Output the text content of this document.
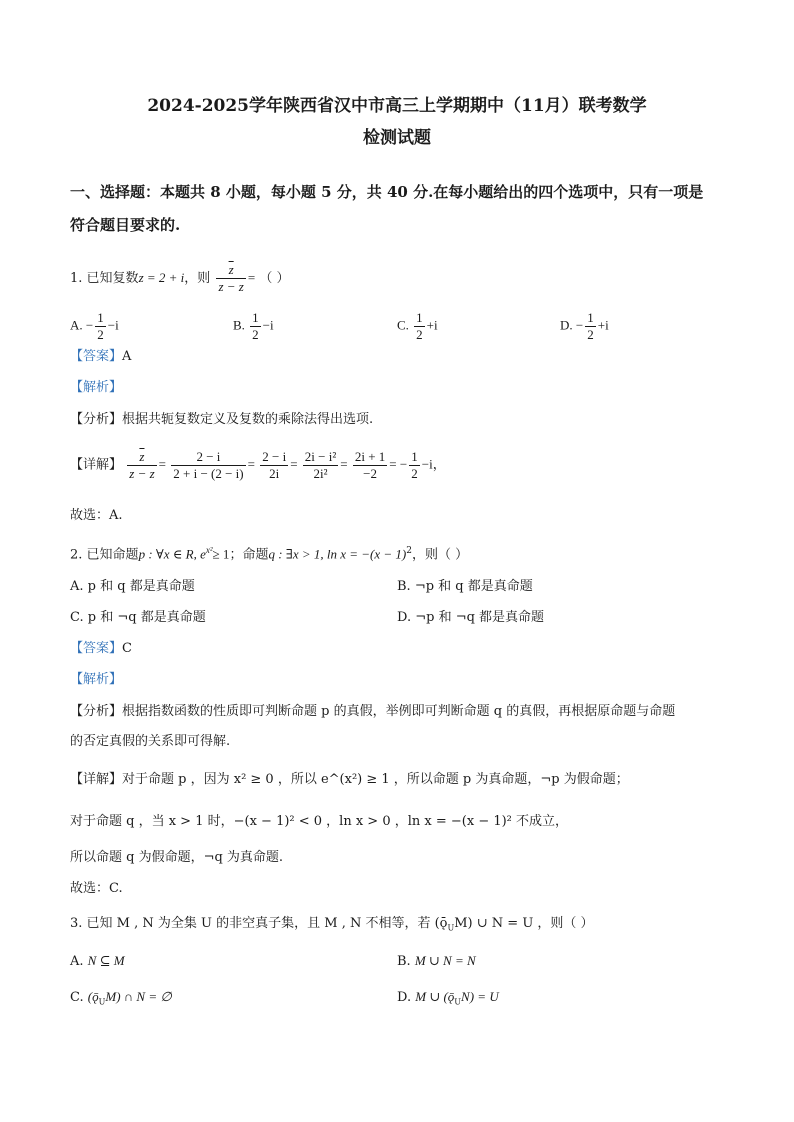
2024-2025学年陕西省汉中市高三上学期期中（11月）联考数学
检测试题
一、选择题：本题共 8 小题，每小题 5 分，共 40 分.在每小题给出的四个选项中，只有一项是
符合题目要求的.
1. 已知复数z = 2 + i，则 $\frac{\overline{z}}{z - z}$ = （ ）
A. − $\frac{1}{2} -i$	B. $\frac{1}{2} -i$	C. $\frac{1}{2} +i$	D. − $\frac{1}{2} +i$
【答案】A
【解析】
【分析】根据共轭复数定义及复数的乘除法得出选项.
【详解】 $\frac{\overline{z}}{z - z} = \frac{2 - i}{2 + i - (2 - i)} = \frac{2 - i}{2i} = \frac{\text{2i − i²}}{\text{2i²}} = \frac{2i + 1}{-2}$ = − $\frac{1}{2} -i$，
故选：A.
2. 已知命题p : ∀x ∈ R, $e^{x^2}\ge 1$；命题q : ∃x > 1, $\ln x = -(x - 1)^2$，则（ ）
A. p 和 q 都是真命题	B. ¬p 和 q 都是真命题
C. p 和 ¬q 都是真命题	D. ¬p 和 ¬q 都是真命题
【答案】C
【解析】
【分析】根据指数函数的性质即可判断命题 p 的真假，举例即可判断命题 q 的真假，再根据原命题与命题
的否定真假的关系即可得解.
【详解】对于命题 p ，因为 x² ≥ 0 ，所以 e^(x²) ≥ 1 ，所以命题 p 为真命题，¬p 为假命题；
对于命题 q ，当 x > 1 时，−(x − 1)² < 0 ，ln x > 0 ，ln x = −(x − 1)² 不成立，
所以命题 q 为假命题，¬q 为真命题.
故选：C.
3. 已知 M , N 为全集 U 的非空真子集，且 M , N 不相等，若 $(ǭ_UM)$ ∪ N = U ，则（ ）
A. N ⊆ M	B. M ∪ N = N
C. $(ǭ_UM)$ ∩ N = ∅	D. M ∪ $(ǭ_UN) = U$
